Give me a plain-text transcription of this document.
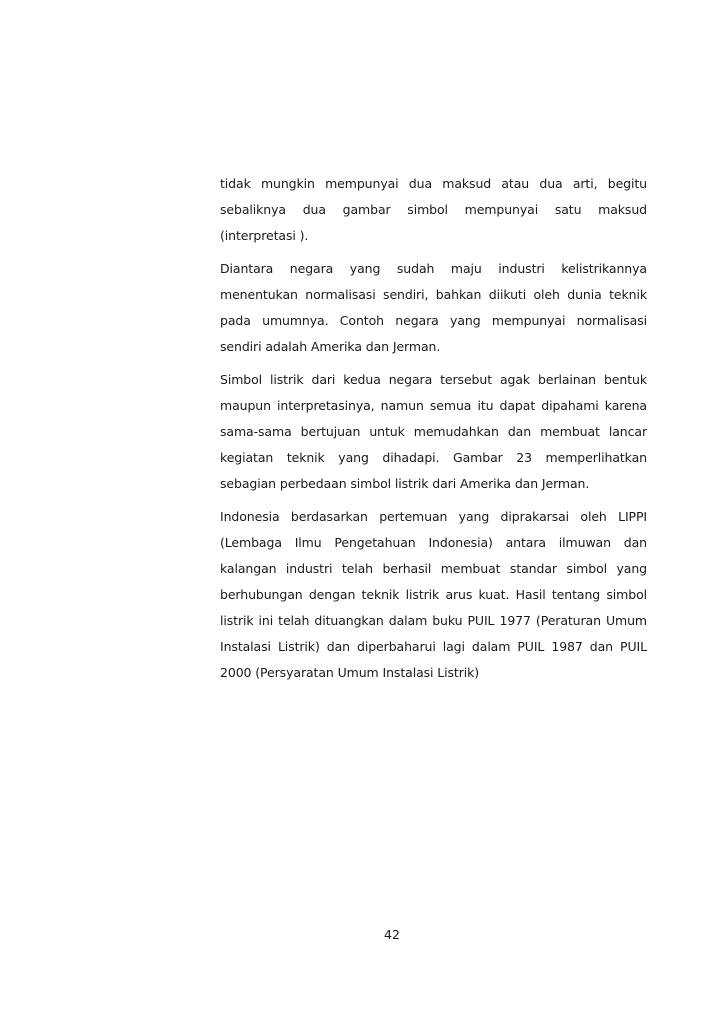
tidak mungkin mempunyai dua maksud atau dua arti, begitu sebaliknya dua gambar simbol mempunyai satu maksud (interpretasi ).

Diantara negara yang sudah maju industri kelistrikannya menentukan normalisasi sendiri, bahkan diikuti oleh dunia teknik pada umumnya. Contoh negara yang mempunyai normalisasi sendiri adalah Amerika dan Jerman.

Simbol listrik dari kedua negara tersebut agak berlainan bentuk maupun interpretasinya, namun semua itu dapat dipahami karena sama-sama bertujuan untuk memudahkan dan membuat lancar kegiatan teknik yang dihadapi. Gambar 23 memperlihatkan sebagian perbedaan simbol listrik dari Amerika dan Jerman.

Indonesia berdasarkan pertemuan yang diprakarsai oleh LIPPI (Lembaga Ilmu Pengetahuan Indonesia) antara ilmuwan dan kalangan industri telah berhasil membuat standar simbol yang berhubungan dengan teknik listrik arus kuat. Hasil tentang simbol listrik ini telah dituangkan dalam buku PUIL 1977 (Peraturan Umum Instalasi Listrik) dan diperbaharui lagi dalam PUIL 1987 dan PUIL 2000 (Persyaratan Umum Instalasi Listrik)

42
